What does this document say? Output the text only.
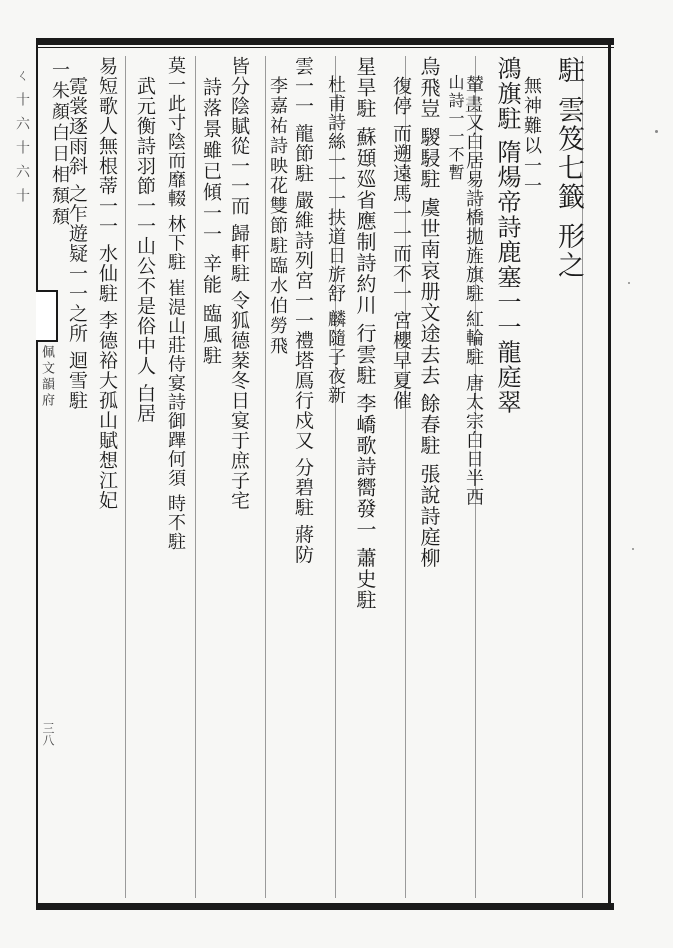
ㄑ十六十六十
佩文韻府
三八
駐 雲笈七籤 形之
　無神難以一一
鴻旗駐 隋煬帝詩鹿塞一一龍庭翠
　輦𦘕又白居易詩橋拋旌旗駐 紅輪駐 唐太宗白日半西
　山詩一一不暫
烏飛豈 騣駸駐 虞世南哀册文途去去 餘春駐 張說詩庭柳
　復停 而遡遠馬一一而不一 宮櫻早夏催
星旱駐 蘇頲廵省應制詩約川 行雲駐 李嶠歌詩嚮發一 蕭史駐
　杜甫詩絲一一一扶道日旂舒 麟隨子夜新
雲一一 龍節駐 嚴維詩列宮一一禮塔鳫行戍又 分碧駐 蔣防
　李嘉祐詩映花雙節駐臨水伯勞飛
皆分陰賦從一一而 歸軒駐 令狐德棻冬日宴于庶子宅
　詩落景雖已傾一一 辛能 臨風駐
莫一此寸陰而靡輟 林下駐 崔湜山莊侍宴詩御蹕何須 時不駐
　武元衡詩羽節一一山公不是俗中人 白居
易短歌人無根蒂一一 水仙駐 李德裕大孤山賦想江妃
　霓裳逐雨斜 之乍遊疑一一之所 迴雪駐
一朱顏白日相頹頹
